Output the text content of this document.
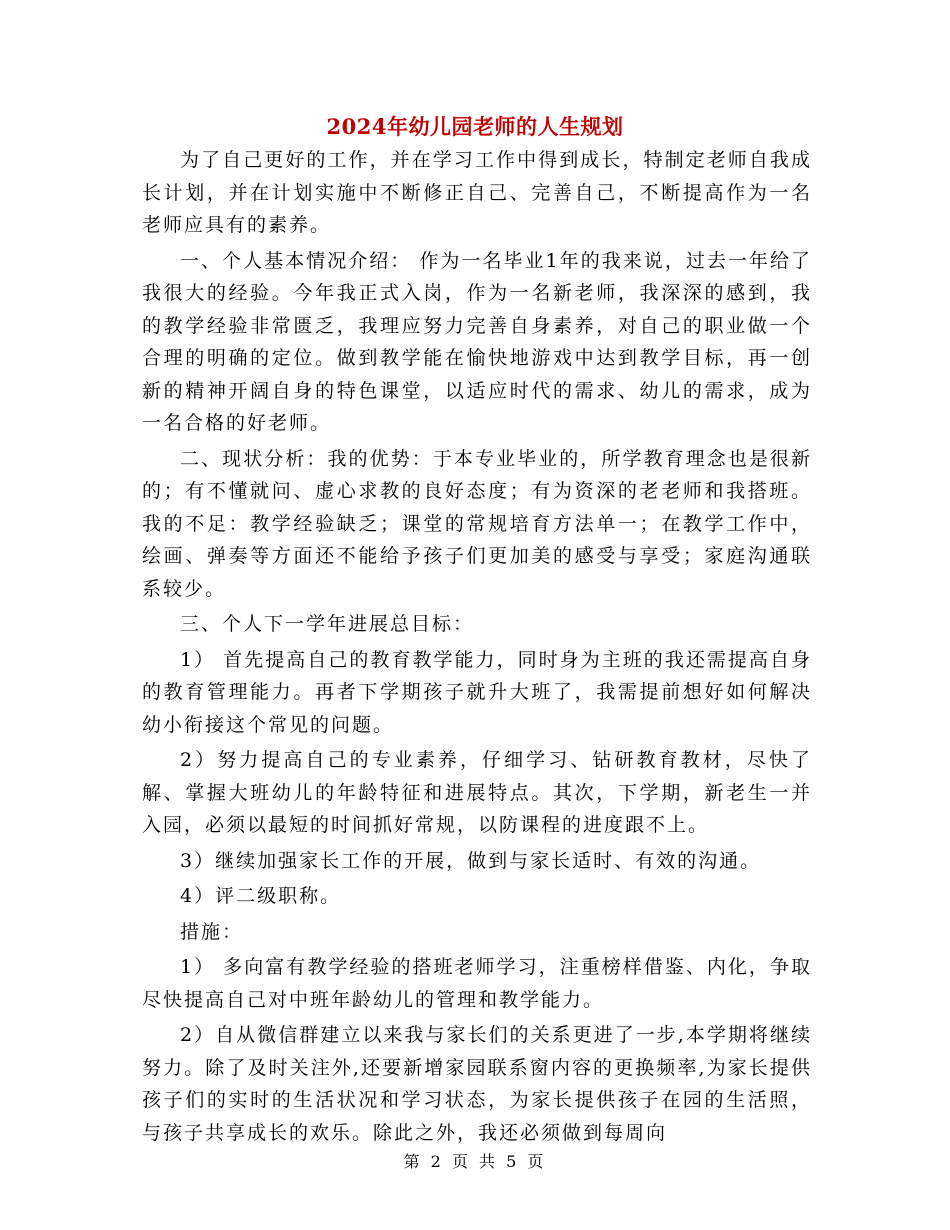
2024年幼儿园老师的人生规划

为了自己更好的工作，并在学习工作中得到成长，特制定老师自我成长计划，并在计划实施中不断修正自己、完善自己，不断提高作为一名老师应具有的素养。

一、个人基本情况介绍： 作为一名毕业1年的我来说，过去一年给了我很大的经验。今年我正式入岗，作为一名新老师，我深深的感到，我的教学经验非常匮乏，我理应努力完善自身素养，对自己的职业做一个合理的明确的定位。做到教学能在愉快地游戏中达到教学目标，再一创新的精神开阔自身的特色课堂，以适应时代的需求、幼儿的需求，成为一名合格的好老师。

二、现状分析：我的优势：于本专业毕业的，所学教育理念也是很新的；有不懂就问、虚心求教的良好态度；有为资深的老老师和我搭班。 我的不足：教学经验缺乏；课堂的常规培育方法单一；在教学工作中，绘画、弹奏等方面还不能给予孩子们更加美的感受与享受；家庭沟通联系较少。

三、个人下一学年进展总目标：

1） 首先提高自己的教育教学能力，同时身为主班的我还需提高自身的教育管理能力。再者下学期孩子就升大班了，我需提前想好如何解决幼小衔接这个常见的问题。

2）努力提高自己的专业素养，仔细学习、钻研教育教材，尽快了解、掌握大班幼儿的年龄特征和进展特点。其次，下学期，新老生一并入园，必须以最短的时间抓好常规，以防课程的进度跟不上。

3）继续加强家长工作的开展，做到与家长适时、有效的沟通。

4）评二级职称。

措施：

1） 多向富有教学经验的搭班老师学习，注重榜样借鉴、内化，争取尽快提高自己对中班年龄幼儿的管理和教学能力。

2）自从微信群建立以来我与家长们的关系更进了一步,本学期将继续努力。除了及时关注外,还要新增家园联系窗内容的更换频率,为家长提供孩子们的实时的生活状况和学习状态，为家长提供孩子在园的生活照，与孩子共享成长的欢乐。除此之外，我还必须做到每周向

第 2 页 共 5 页
